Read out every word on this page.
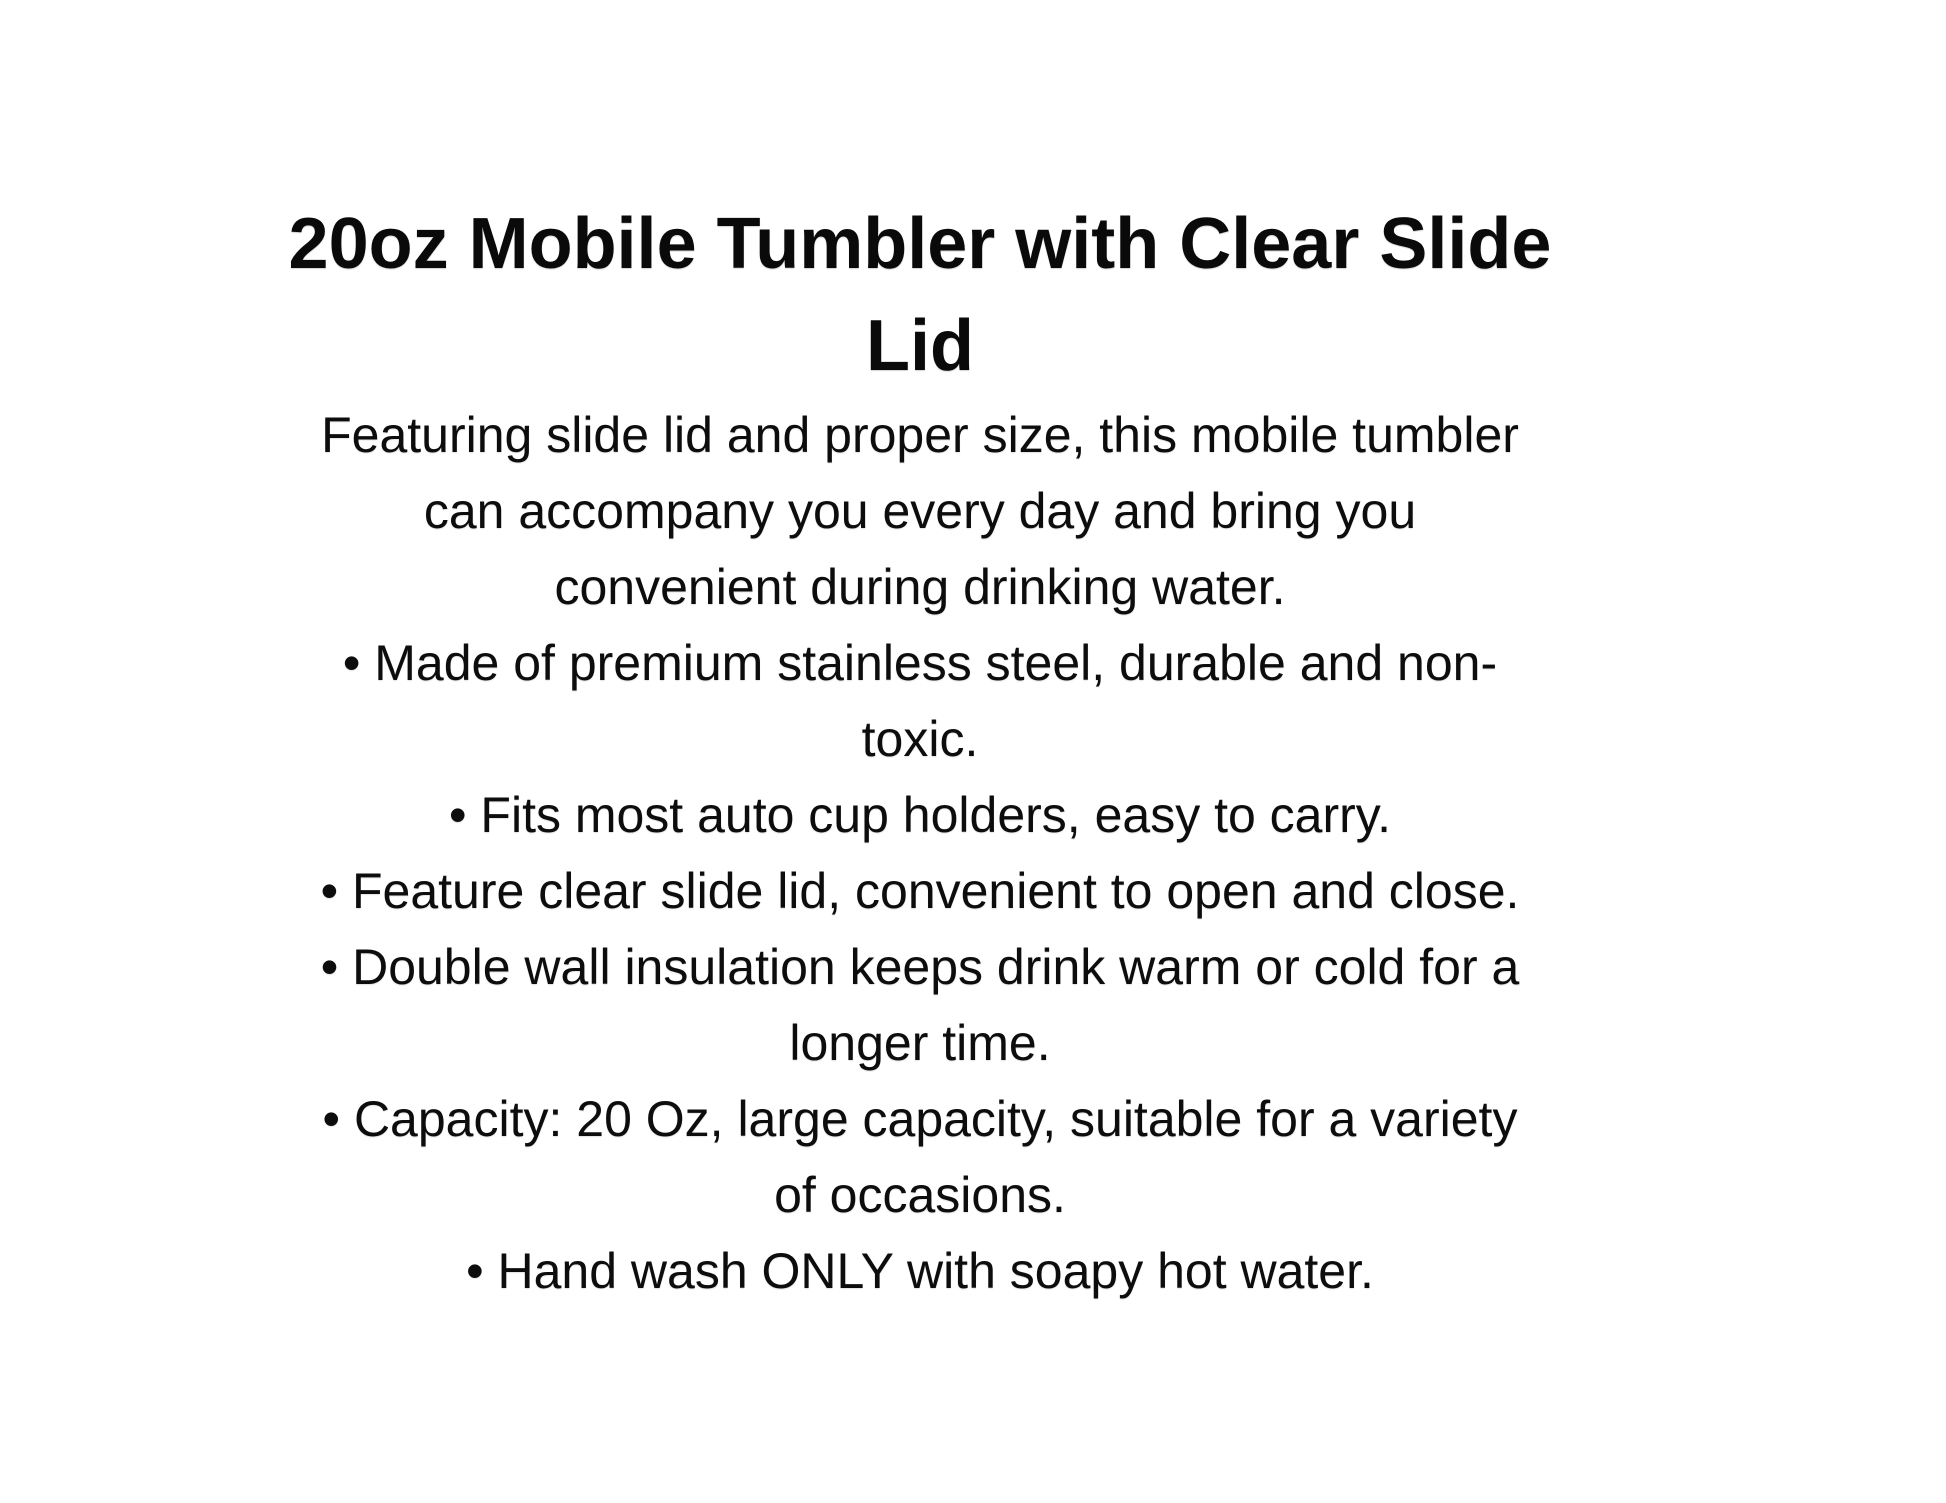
20oz Mobile Tumbler with Clear Slide
Lid
Featuring slide lid and proper size, this mobile tumbler
can accompany you every day and bring you
convenient during drinking water.
• Made of premium stainless steel, durable and non-
toxic.
• Fits most auto cup holders, easy to carry.
• Feature clear slide lid, convenient to open and close.
• Double wall insulation keeps drink warm or cold for a
longer time.
• Capacity: 20 Oz, large capacity, suitable for a variety
of occasions.
• Hand wash ONLY with soapy hot water.
